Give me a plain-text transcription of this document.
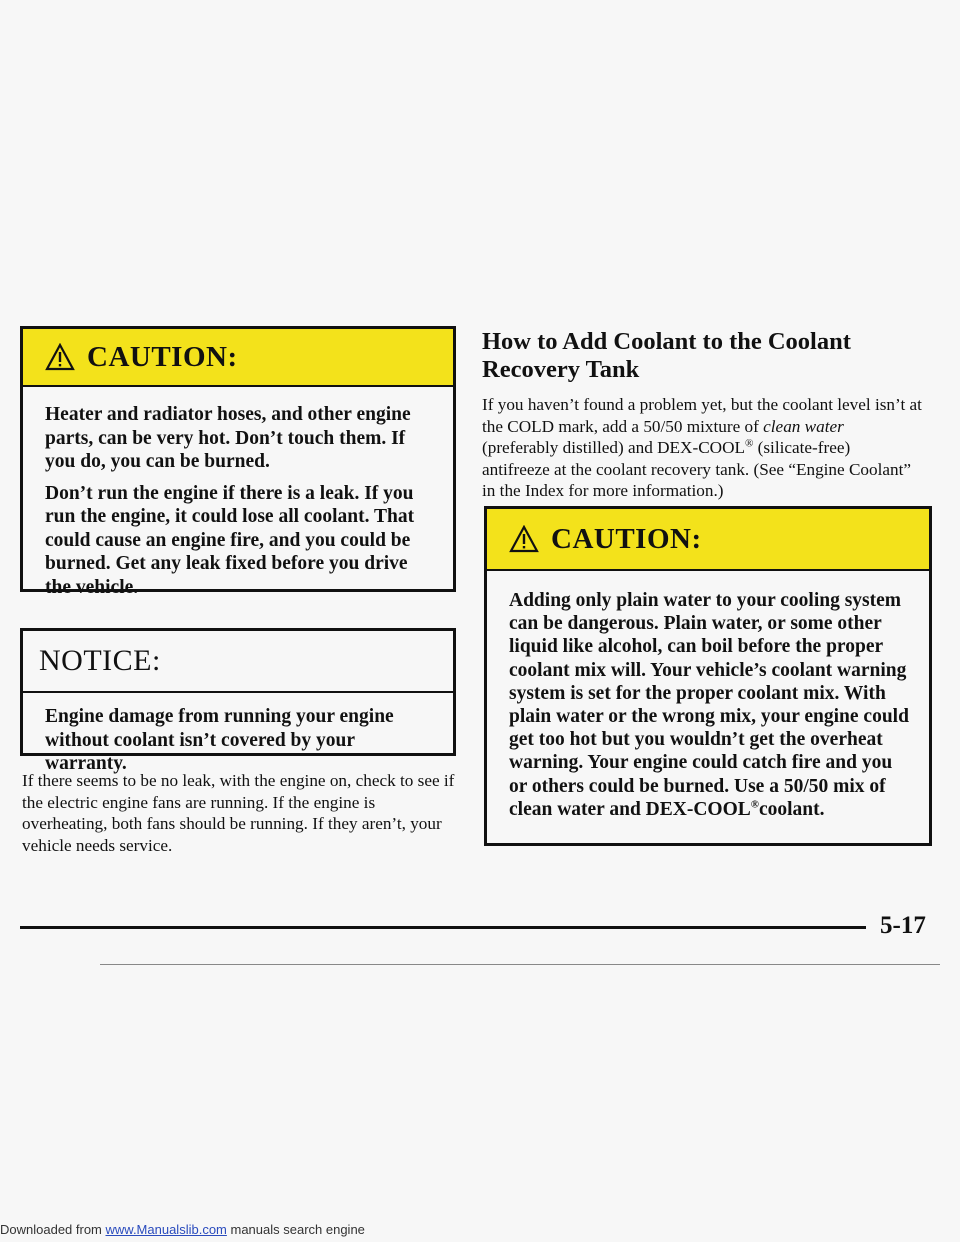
CAUTION:

Heater and radiator hoses, and other engine parts, can be very hot. Don’t touch them. If you do, you can be burned.

Don’t run the engine if there is a leak. If you run the engine, it could lose all coolant. That could cause an engine fire, and you could be burned. Get any leak fixed before you drive the vehicle.

NOTICE:

Engine damage from running your engine without coolant isn’t covered by your warranty.

If there seems to be no leak, with the engine on, check to see if the electric engine fans are running. If the engine is overheating, both fans should be running. If they aren’t, your vehicle needs service.
How to Add Coolant to the Coolant Recovery Tank
If you haven’t found a problem yet, but the coolant level isn’t at the COLD mark, add a 50/50 mixture of clean water (preferably distilled) and DEX-COOL® (silicate-free) antifreeze at the coolant recovery tank. (See “Engine Coolant” in the Index for more information.)
CAUTION:

Adding only plain water to your cooling system can be dangerous. Plain water, or some other liquid like alcohol, can boil before the proper coolant mix will. Your vehicle’s coolant warning system is set for the proper coolant mix. With plain water or the wrong mix, your engine could get too hot but you wouldn’t get the overheat warning. Your engine could catch fire and you or others could be burned. Use a 50/50 mix of clean water and DEX-COOL®coolant.

5-17
Downloaded from www.Manualslib.com manuals search engine
